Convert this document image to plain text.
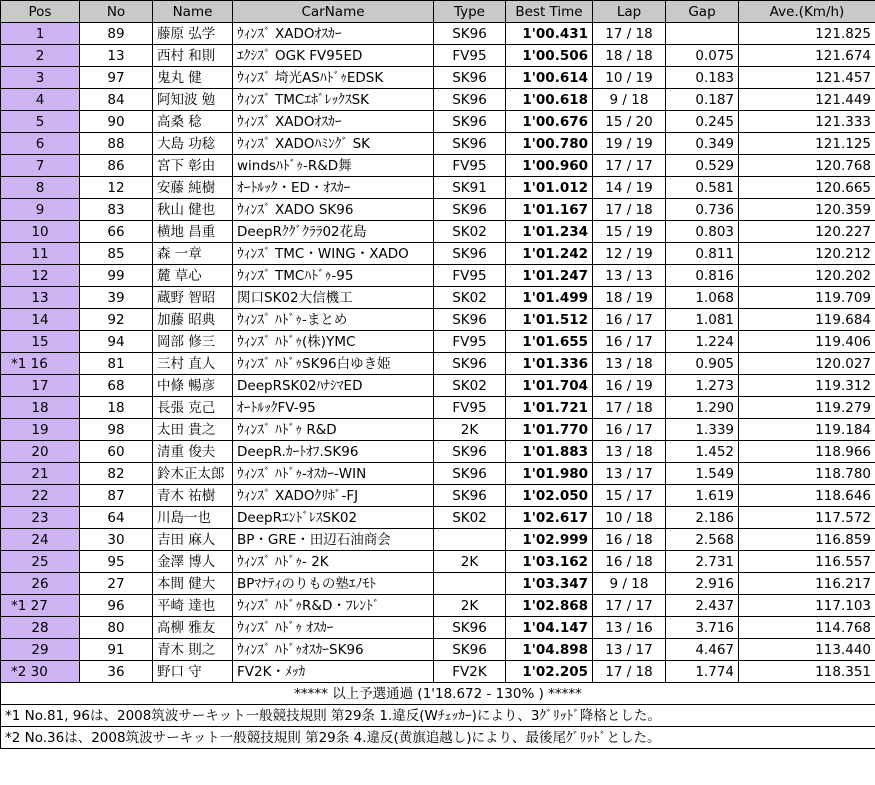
Pos	No	Name	CarName	Type	Best Time	Lap	Gap	Ave.(Km/h)
1	89	藤原 弘学	ｳｨﾝｽﾞ XADOｵｽｶｰ	SK96	1'00.431	17 / 18		121.825
2	13	西村 和則	ｴｸｼｽﾞ OGK FV95ED	FV95	1'00.506	18 / 18	0.075	121.674
3	97	鬼丸 健	ｳｨﾝｽﾞ 埼光ASﾊﾄﾞｩEDSK	SK96	1'00.614	10 / 19	0.183	121.457
4	84	阿知波 勉	ｳｨﾝｽﾞ TMCｴﾎﾞﾚｯｸｽSK	SK96	1'00.618	9 / 18	0.187	121.449
5	90	高桑 稔	ｳｨﾝｽﾞ XADOｵｽｶｰ	SK96	1'00.676	15 / 20	0.245	121.333
6	88	大島 功稔	ｳｨﾝｽﾞ XADOﾊﾐﾝｸﾞ SK	SK96	1'00.780	19 / 19	0.349	121.125
7	86	宮下 彰由	windsﾊﾄﾞｩ-R&D舞	FV95	1'00.960	17 / 17	0.529	120.768
8	12	安藤 純樹	ｵｰﾄﾙｯｸ・ED・ｵｽｶｰ	SK91	1'01.012	14 / 19	0.581	120.665
9	83	秋山 健也	ｳｨﾝｽﾞ XADO SK96	SK96	1'01.167	17 / 18	0.736	120.359
10	66	横地 昌重	DeepRｸｸﾞｸﾗﾗ02花島	SK02	1'01.234	15 / 19	0.803	120.227
11	85	森 一章	ｳｨﾝｽﾞ TMC・WING・XADO	SK96	1'01.242	12 / 19	0.811	120.212
12	99	麓 草心	ｳｨﾝｽﾞ TMCﾊﾄﾞｩ-95	FV95	1'01.247	13 / 13	0.816	120.202
13	39	蔵野 智昭	関口SK02大信機工	SK02	1'01.499	18 / 19	1.068	119.709
14	92	加藤 昭典	ｳｨﾝｽﾞ ﾊﾄﾞｩ-まとめ	SK96	1'01.512	16 / 17	1.081	119.684
15	94	岡部 修三	ｳｨﾝｽﾞ ﾊﾄﾞｩ(株)YMC	FV95	1'01.655	16 / 17	1.224	119.406
*1 16	81	三村 直人	ｳｨﾝｽﾞ ﾊﾄﾞｩSK96白ゆき姫	SK96	1'01.336	13 / 18	0.905	120.027
17	68	中條 暢彦	DeepRSK02ﾊﾅｼﾏED	SK02	1'01.704	16 / 19	1.273	119.312
18	18	長張 克己	ｵｰﾄﾙｯｸFV-95	FV95	1'01.721	17 / 18	1.290	119.279
19	98	太田 貴之	ｳｨﾝｽﾞ ﾊﾄﾞｩ R&D	2K	1'01.770	16 / 17	1.339	119.184
20	60	清重 俊夫	DeepR.ｶｰﾄｵﾌ.SK96	SK96	1'01.883	13 / 18	1.452	118.966
21	82	鈴木正太郎	ｳｨﾝｽﾞ ﾊﾄﾞｩ-ｵｽｶｰ-WIN	SK96	1'01.980	13 / 17	1.549	118.780
22	87	青木 祐樹	ｳｨﾝｽﾞ XADOｸﾘﾎﾞ-FJ	SK96	1'02.050	15 / 17	1.619	118.646
23	64	川島一也	DeepRｴﾝﾄﾞﾚｽSK02	SK02	1'02.617	10 / 18	2.186	117.572
24	30	吉田 麻人	BP・GRE・田辺石油商会		1'02.999	16 / 18	2.568	116.859
25	95	金澤 博人	ｳｨﾝｽﾞ ﾊﾄﾞｩ- 2K	2K	1'03.162	16 / 18	2.731	116.557
26	27	本間 健大	BPﾏﾅﾃｨのりもの塾ｴﾉﾓﾄ		1'03.347	9 / 18	2.916	116.217
*1 27	96	平崎 達也	ｳｨﾝｽﾞ ﾊﾄﾞｩR&D・ﾌﾚﾝﾄﾞ	2K	1'02.868	17 / 17	2.437	117.103
28	80	高柳 雅友	ｳｨﾝｽﾞ ﾊﾄﾞｩ ｵｽｶｰ	SK96	1'04.147	13 / 16	3.716	114.768
29	91	青木 則之	ｳｨﾝｽﾞ ﾊﾄﾞｩｵｽｶｰSK96	SK96	1'04.898	13 / 17	4.467	113.440
*2 30	36	野口 守	FV2K・ﾒｯｶ	FV2K	1'02.205	17 / 18	1.774	118.351
***** 以上予選通過 (1'18.672 - 130% ) *****								
*1 No.81, 96は、2008筑波サーキット一般競技規則 第29条 1.違反(Wﾁｪｯｶｰ)により、3ｸﾞﾘｯﾄﾞ降格とした。								
*2 No.36は、2008筑波サーキット一般競技規則 第29条 4.違反(黄旗追越し)により、最後尾ｸﾞﾘｯﾄﾞとした。								
